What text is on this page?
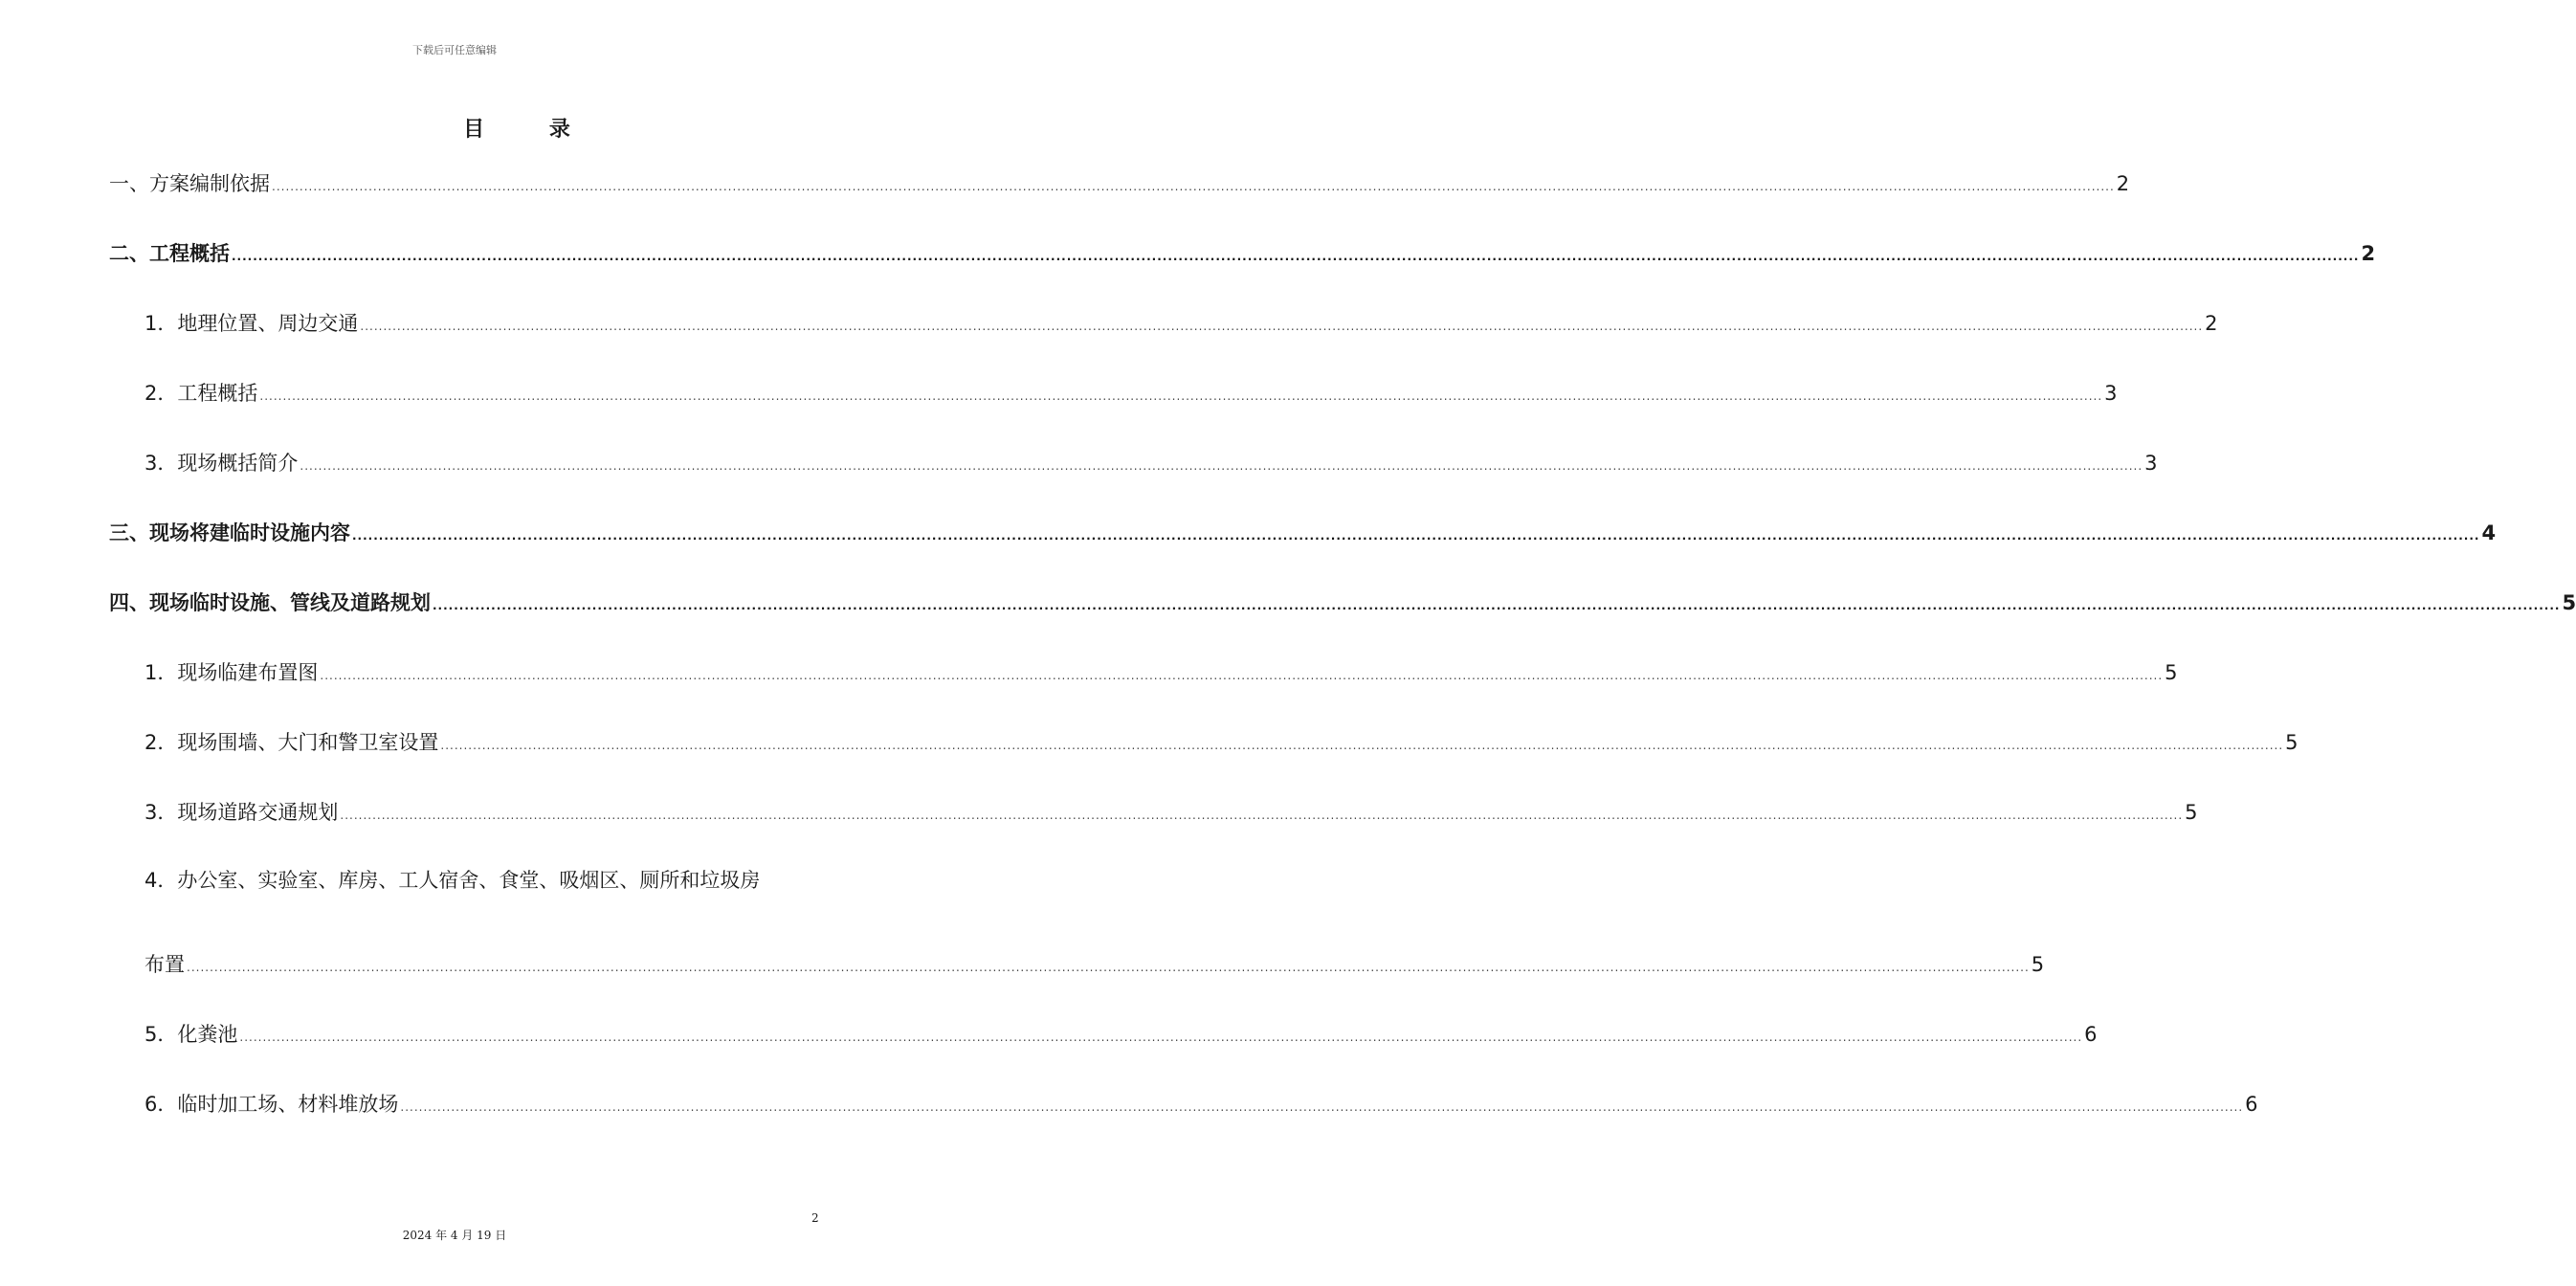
下载后可任意编辑
目 录
一、方案编制依据 ................................................................................................................................................................................................................................................................................................................................................................................................................ 2
二、工程概括 ................................................................................................................................................................................................................................................................................................................................................................................................................ 2
1．地理位置、周边交通 ................................................................................................................................................................................................................................................................................................................................................................................................................ 2
2．工程概括 ................................................................................................................................................................................................................................................................................................................................................................................................................ 3
3．现场概括简介 ................................................................................................................................................................................................................................................................................................................................................................................................................ 3
三、现场将建临时设施内容 ................................................................................................................................................................................................................................................................................................................................................................................................................ 4
四、现场临时设施、管线及道路规划 ................................................................................................................................................................................................................................................................................................................................................................................................................ 5
1．现场临建布置图 ................................................................................................................................................................................................................................................................................................................................................................................................................ 5
2．现场围墙、大门和警卫室设置 ................................................................................................................................................................................................................................................................................................................................................................................................................ 5
3．现场道路交通规划 ................................................................................................................................................................................................................................................................................................................................................................................................................ 5
4．办公室、实验室、库房、工人宿舍、食堂、吸烟区、厕所和垃圾房
布置 ................................................................................................................................................................................................................................................................................................................................................................................................................ 5
5．化粪池 ................................................................................................................................................................................................................................................................................................................................................................................................................ 6
6．临时加工场、材料堆放场 ................................................................................................................................................................................................................................................................................................................................................................................................................ 6
2
2024 年 4 月 19 日
